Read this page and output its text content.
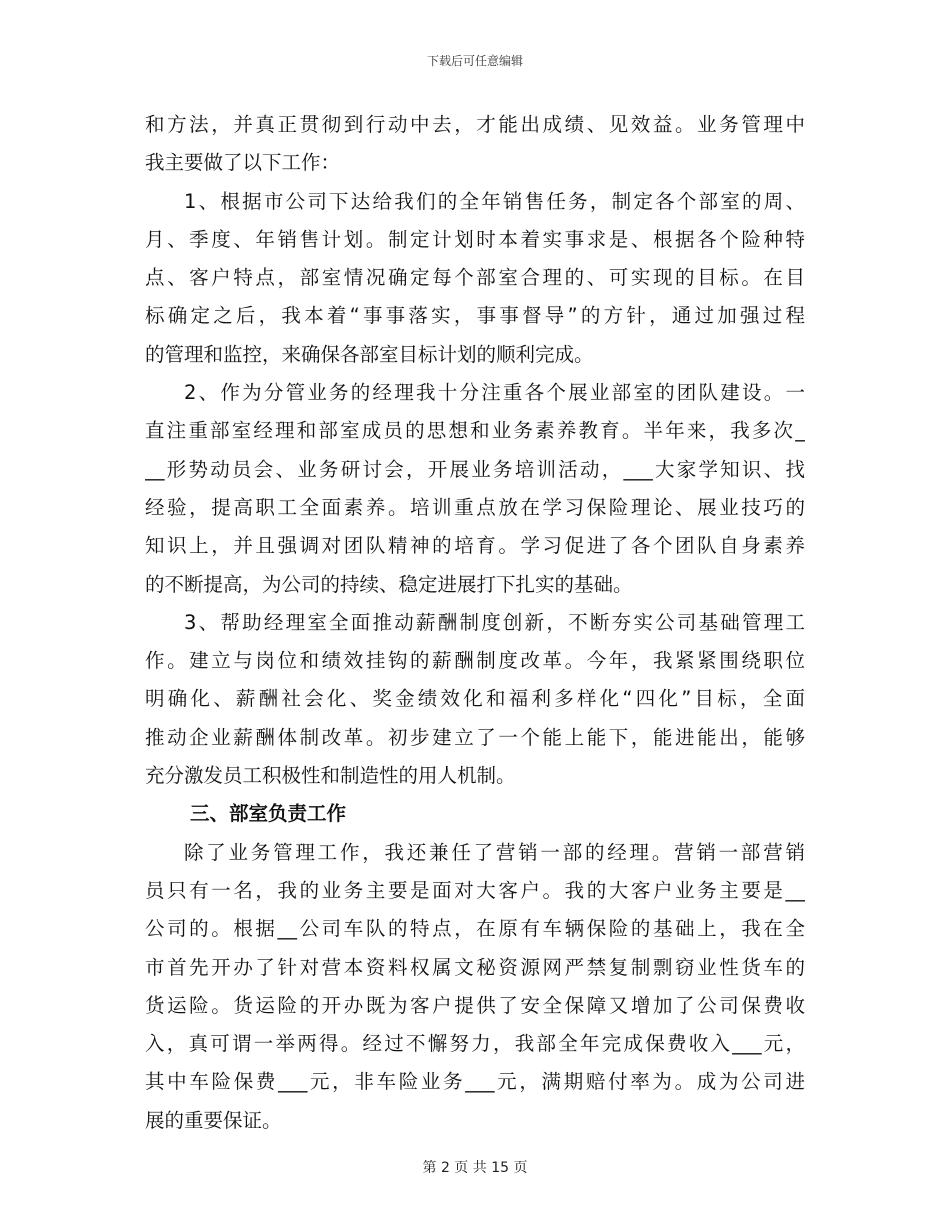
下载后可任意编辑
和方法，并真正贯彻到行动中去，才能出成绩、见效益。业务管理中
我主要做了以下工作：
1、根据市公司下达给我们的全年销售任务，制定各个部室的周、
月、季度、年销售计划。制定计划时本着实事求是、根据各个险种特
点、客户特点，部室情况确定每个部室合理的、可实现的目标。在目
标确定之后，我本着“事事落实，事事督导”的方针，通过加强过程
的管理和监控，来确保各部室目标计划的顺利完成。
2、作为分管业务的经理我十分注重各个展业部室的团队建设。一
直注重部室经理和部室成员的思想和业务素养教育。半年来，我多次_
__形势动员会、业务研讨会，开展业务培训活动，___大家学知识、找
经验，提高职工全面素养。培训重点放在学习保险理论、展业技巧的
知识上，并且强调对团队精神的培育。学习促进了各个团队自身素养
的不断提高，为公司的持续、稳定进展打下扎实的基础。
3、帮助经理室全面推动薪酬制度创新，不断夯实公司基础管理工
作。建立与岗位和绩效挂钩的薪酬制度改革。今年，我紧紧围绕职位
明确化、薪酬社会化、奖金绩效化和福利多样化“四化”目标，全面
推动企业薪酬体制改革。初步建立了一个能上能下，能进能出，能够
充分激发员工积极性和制造性的用人机制。
三、部室负责工作
除了业务管理工作，我还兼任了营销一部的经理。营销一部营销
员只有一名，我的业务主要是面对大客户。我的大客户业务主要是__
公司的。根据__公司车队的特点，在原有车辆保险的基础上，我在全
市首先开办了针对营本资料权属文秘资源网严禁复制剽窃业性货车的
货运险。货运险的开办既为客户提供了安全保障又增加了公司保费收
入，真可谓一举两得。经过不懈努力，我部全年完成保费收入___元，
其中车险保费___元，非车险业务___元，满期赔付率为。成为公司进
展的重要保证。
第 2 页 共 15 页
